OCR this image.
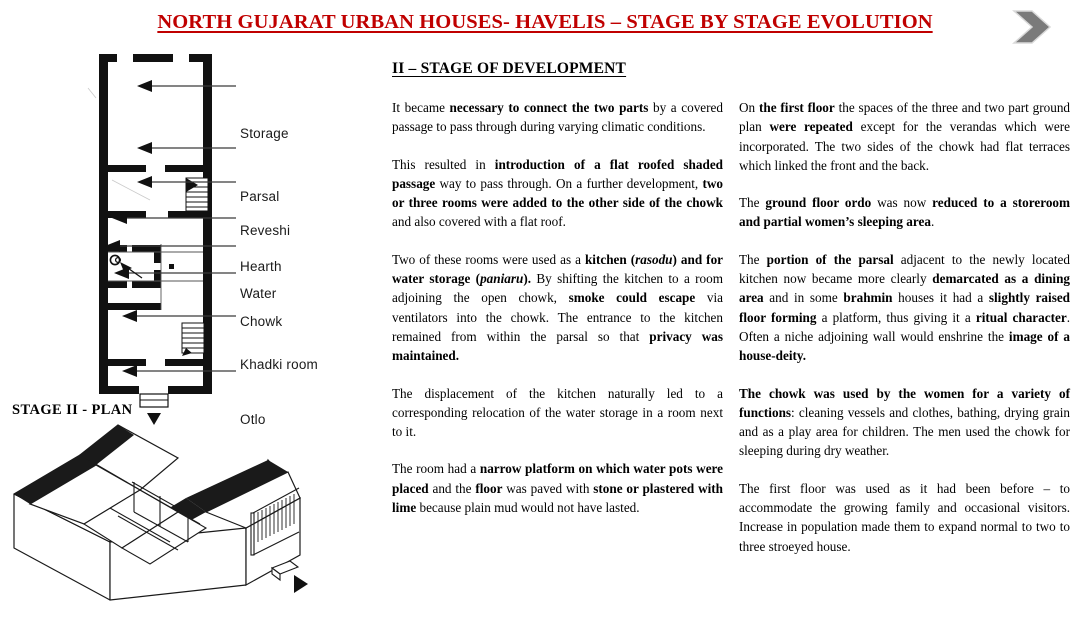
NORTH GUJARAT URBAN HOUSES- HAVELIS – STAGE BY STAGE EVOLUTION
Storage
Parsal
Reveshi
Hearth
Water
Chowk
Khadki room
Otlo
STAGE II - PLAN
II – STAGE OF DEVELOPMENT

It became necessary to connect the two parts by a covered passage to pass through during varying climatic conditions.

This resulted in introduction of a flat roofed shaded passage way to pass through. On a further development, two or three rooms were added to the other side of the chowk and also covered with a flat roof.

Two of these rooms were used as a kitchen (rasodu) and for water storage (paniaru). By shifting the kitchen to a room adjoining the open chowk, smoke could escape via ventilators into the chowk. The entrance to the kitchen remained from within the parsal so that privacy was maintained.

The displacement of the kitchen naturally led to a corresponding relocation of the water storage in a room next to it.

The room had a narrow platform on which water pots were placed and the floor was paved with stone or plastered with lime because plain mud would not have lasted.

On the first floor the spaces of the three and two part ground plan were repeated except for the verandas which were incorporated. The two sides of the chowk had flat terraces which linked the front and the back.

The ground floor ordo was now reduced to a storeroom and partial women’s sleeping area.

The portion of the parsal adjacent to the newly located kitchen now became more clearly demarcated as a dining area and in some brahmin houses it had a slightly raised floor forming a platform, thus giving it a ritual character. Often a niche adjoining wall would enshrine the image of a house-deity.

The chowk was used by the women for a variety of functions: cleaning vessels and clothes, bathing, drying grain and as a play area for children. The men used the chowk for sleeping during dry weather.

The first floor was used as it had been before – to accommodate the growing family and occasional visitors. Increase in population made them to expand normal to two to three stroeyed house.
